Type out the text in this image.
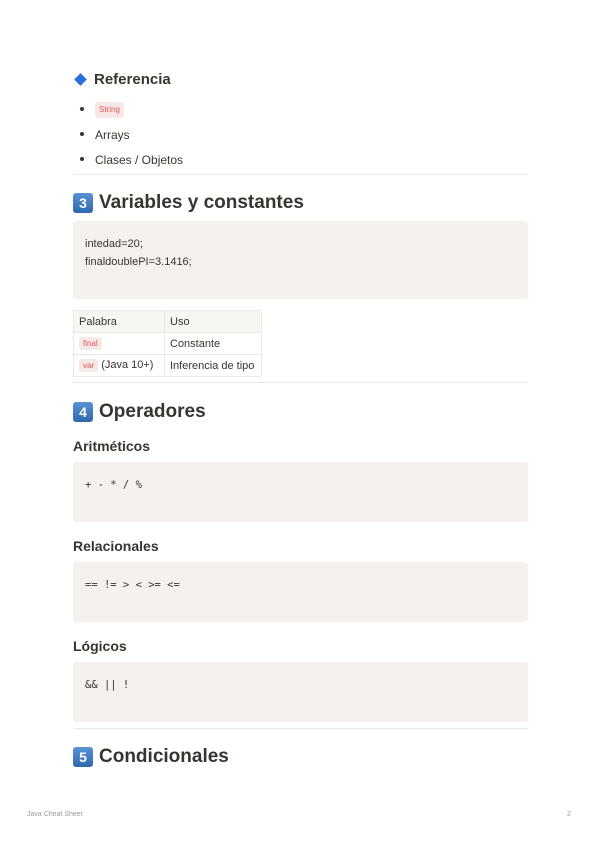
Referencia
String
Arrays
Clases / Objetos
3 Variables y constantes
intedad=20;
finaldoublePI=3.1416;
Palabra	Uso
final	Constante
var (Java 10+)	Inferencia de tipo
4 Operadores
Aritméticos
+ - * / %
Relacionales
== != > < >= <=
Lógicos
&& || !
5 Condicionales
Java Cheat Sheet	2
